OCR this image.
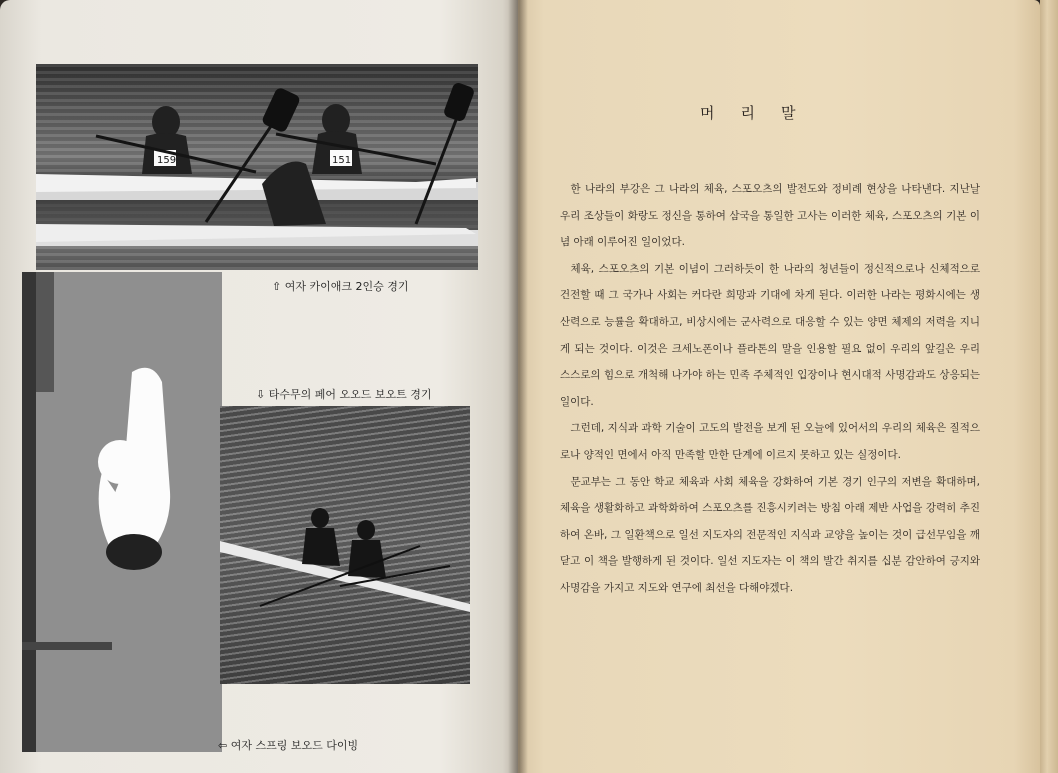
159	151
⇧ 여자 카이애크 2인승 경기
⇩ 타수무의 페어 오오드 보오트 경기
⇦ 여자 스프링 보오드 다이빙
머리말

한 나라의 부강은 그 나라의 체육, 스포오츠의 발전도와 정비례 현상을 나타낸다. 지난날 우리 조상들이 화랑도 정신을 통하여 삼국을 통일한 고사는 이러한 체육, 스포오츠의 기본 이념 아래 이루어진 일이었다.

체육, 스포오츠의 기본 이념이 그러하듯이 한 나라의 청년들이 정신적으로나 신체적으로 건전할 때 그 국가나 사회는 커다란 희망과 기대에 차게 된다. 이러한 나라는 평화시에는 생산력으로 능률을 확대하고, 비상시에는 군사력으로 대응할 수 있는 양면 체제의 저력을 지니게 되는 것이다. 이것은 크세노폰이나 플라톤의 말을 인용할 필요 없이 우리의 앞길은 우리 스스로의 힘으로 개척해 나가야 하는 민족 주체적인 입장이나 현시대적 사명감과도 상응되는 일이다.

그런데, 지식과 과학 기술이 고도의 발전을 보게 된 오늘에 있어서의 우리의 체육은 질적으로나 양적인 면에서 아직 만족할 만한 단계에 이르지 못하고 있는 실정이다.

문교부는 그 동안 학교 체육과 사회 체육을 강화하여 기본 경기 인구의 저변을 확대하며, 체육을 생활화하고 과학화하여 스포오츠를 진흥시키려는 방침 아래 제반 사업을 강력히 추진하여 온바, 그 일환책으로 일선 지도자의 전문적인 지식과 교양을 높이는 것이 급선무임을 깨닫고 이 책을 발행하게 된 것이다. 일선 지도자는 이 책의 발간 취지를 십분 감안하여 긍지와 사명감을 가지고 지도와 연구에 최선을 다해야겠다.
